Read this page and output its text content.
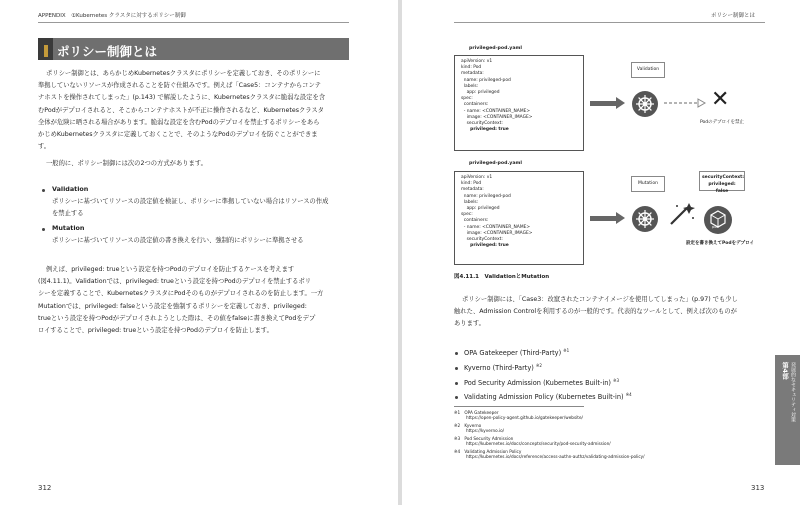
APPENDIX　①Kubernetes クラスタに対するポリシー制御
ポリシー制御とは
ポリシー制御とは、あらかじめKubernetesクラスタにポリシーを定義しておき、そのポリシーに
準拠していないリソースが作成されることを防ぐ仕組みです。例えば「Case5：コンテナからコンテ
ナホストを操作されてしまった」(p.143) で解説したように、Kubernetesクラスタに脆弱な設定を含
むPodがデプロイされると、そこからコンテナホストが不正に操作されるなど、Kubernetesクラスタ
全体が危険に晒される場合があります。脆弱な設定を含むPodのデプロイを禁止するポリシーをあら
かじめKubernetesクラスタに定義しておくことで、そのようなPodのデプロイを防ぐことができま
す。
一般的に、ポリシー制御には次の2つの方式があります。
Validation
ポリシーに基づいてリソースの設定値を検証し、ポリシーに準拠していない場合はリソースの作成
を禁止する
Mutation
ポリシーに基づいてリソースの設定値の書き換えを行い、強制的にポリシーに準拠させる
例えば、privileged: trueという設定を持つPodのデプロイを防止するケースを考えます
(図4.11.1)。Validationでは、privileged: trueという設定を持つPodのデプロイを禁止するポリ
シーを定義することで、KubernetesクラスタにPodそのものがデプロイされるのを防止します。一方
Mutationでは、privileged: falseという設定を強制するポリシーを定義しておき、privileged:
trueという設定を持つPodがデプロイされようとした際は、その値をfalseに書き換えてPodをデプ
ロイすることで、privileged: trueという設定を持つPodのデプロイを防止します。
312
ポリシー制御とは
privileged-pod.yaml
apiVersion: v1
kind: Pod
metadata:
name: privileged-pod
labels:
app: privileged
spec:
containers:
- name: <CONTAINER_NAME>
image: <CONTAINER_IMAGE>
securityContext:
privileged: true
Validation
✕
Podのデプロイを禁止
privileged-pod.yaml
apiVersion: v1
kind: Pod
metadata:
name: privileged-pod
labels:
app: privileged
spec:
containers:
- name: <CONTAINER_NAME>
image: <CONTAINER_IMAGE>
securityContext:
privileged: true
Mutation
securityContext:
privileged: false
pod
設定を書き換えてPodをデプロイ
図4.11.1　ValidationとMutation
ポリシー制御には、「Case3：改竄されたコンテナイメージを使用してしまった」(p.97) でも少し
触れた、Admission Controlを利用するのが一般的です。代表的なツールとして、例えば次のものが
あります。
OPA Gatekeeper (Third-Party) $^{※1}$
Kyverno (Third-Party) $^{※2}$
Pod Security Admission (Kubernetes Built-in) $^{※3}$
Validating Admission Policy (Kubernetes Built-in) $^{※4}$
※1　 OPA Gatekeeper
https://open-policy-agent.github.io/gatekeeper/website/
※2　 Kyverno
https://kyverno.io/
※3　 Pod Security Admission
https://kubernetes.io/docs/concepts/security/pod-security-admission/
※4　 Validating Admission Policy
https://kubernetes.io/docs/reference/access-authn-authz/validating-admission-policy/
第4部 発展的なセキュリティ対策
313
